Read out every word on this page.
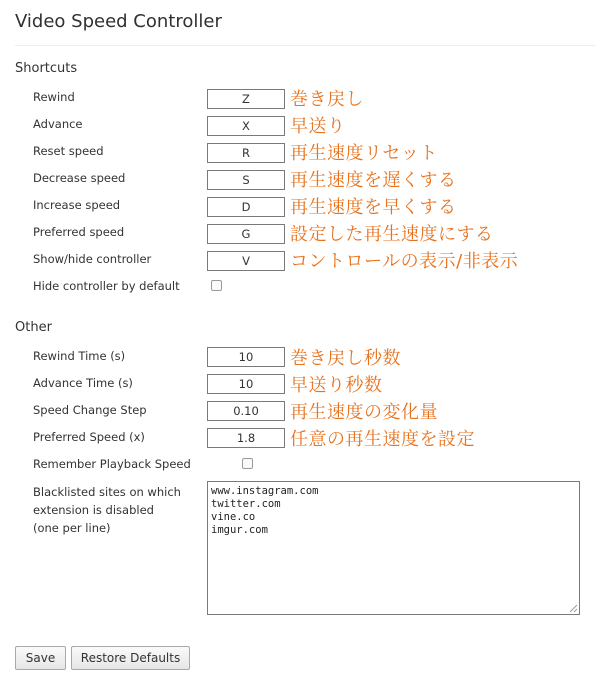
Video Speed Controller
Shortcuts
Rewind
Z	巻き戻し
Advance
X	早送り
Reset speed
R	再生速度リセット
Decrease speed
S	再生速度を遅くする
Increase speed
D	再生速度を早くする
Preferred speed
G	設定した再生速度にする
Show/hide controller
V	コントロールの表示/非表示
Hide controller by default
Other
Rewind Time (s)
10	巻き戻し秒数
Advance Time (s)
10	早送り秒数
Speed Change Step
0.10	再生速度の変化量
Preferred Speed (x)
1.8	任意の再生速度を設定
Remember Playback Speed
Blacklisted sites on which
extension is disabled
(one per line)
www.instagram.com twitter.com vine.co imgur.com
Save	Restore Defaults
